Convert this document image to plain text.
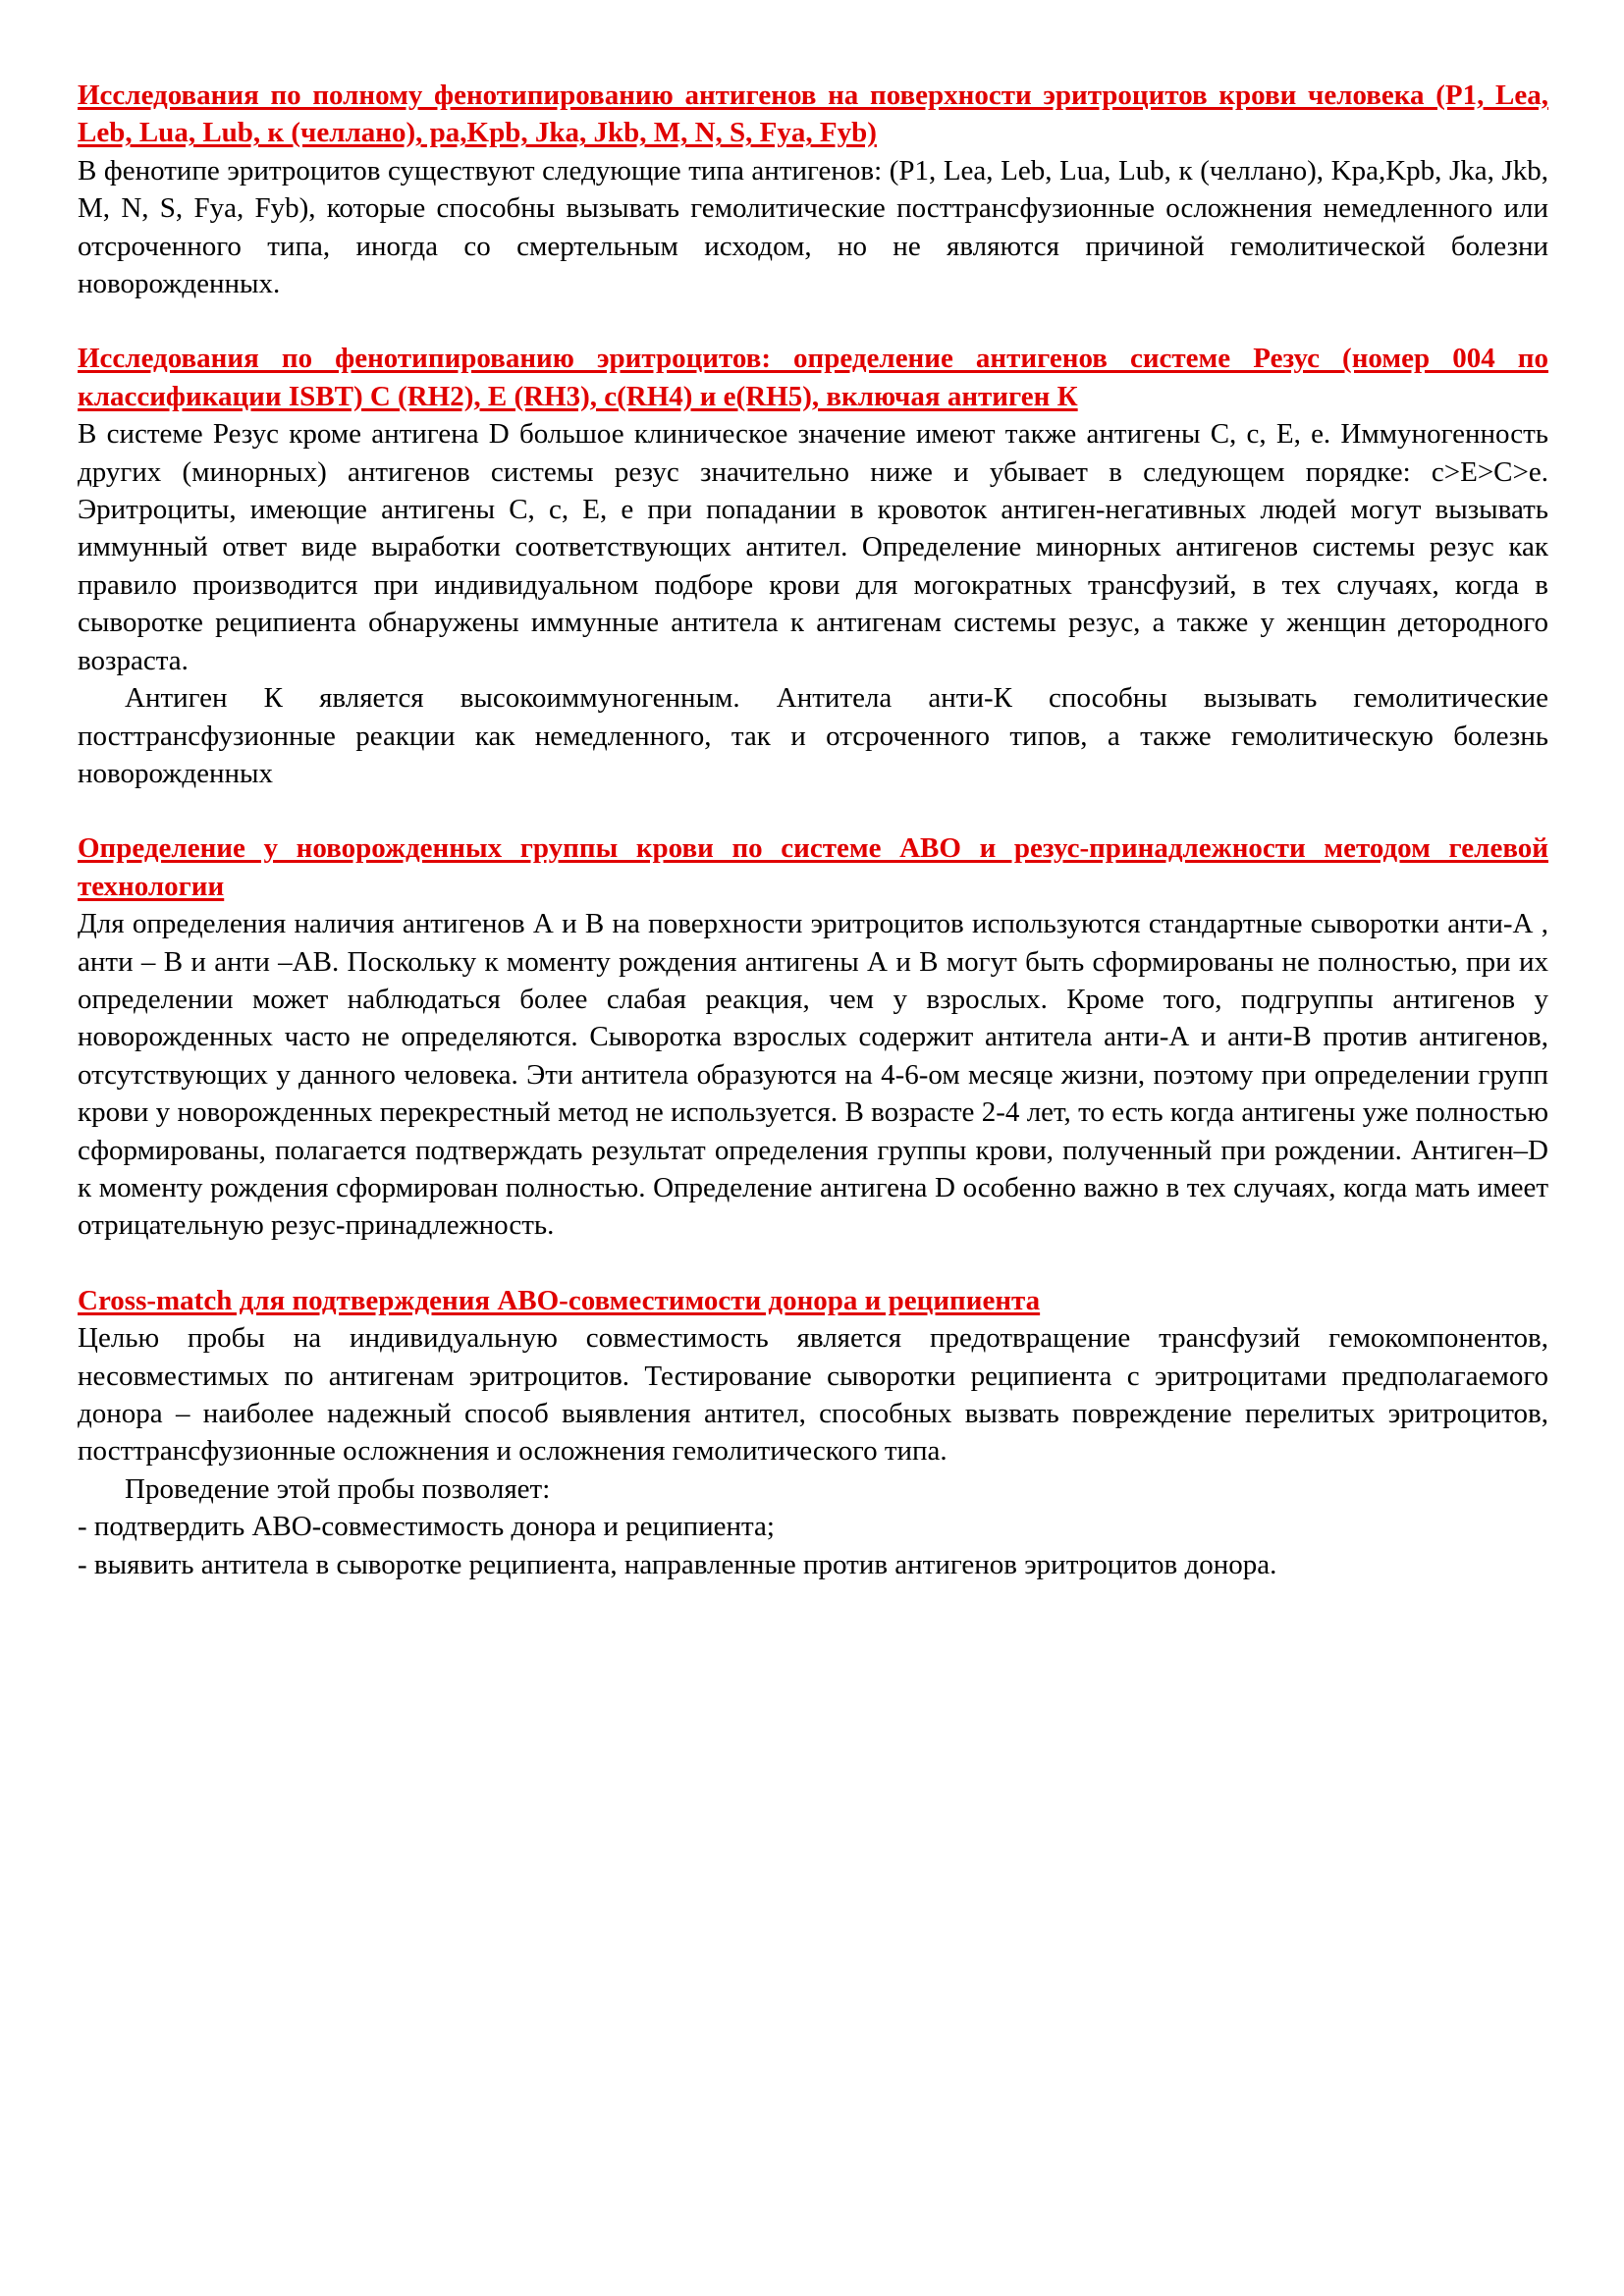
Исследования по полному фенотипированию антигенов на поверхности эритроцитов крови человека (P1, Lea, Leb, Lua, Lub, к (челлано), ра,Kpb, Jka, Jkb, M, N, S, Fya, Fyb)

В фенотипе эритроцитов существуют следующие типа антигенов: (P1, Lea, Leb, Lua, Lub, к (челлано), Kpa,Kpb, Jka, Jkb, M, N, S, Fya, Fyb), которые способны вызывать гемолитические посттрансфузионные осложнения немедленного или отсроченного типа, иногда со смертельным исходом, но не являются причиной гемолитической болезни новорожденных.

Исследования по фенотипированию эритроцитов: определение антигенов системе Резус (номер 004 по классификации ISBT) С (RH2), Е (RH3), с(RH4) и е(RH5), включая антиген К

В системе Резус кроме антигена D большое клиническое значение имеют также антигены С, с, Е, е. Иммуногенность других (минорных) антигенов системы резус значительно ниже и убывает в следующем порядке: с>Е>С>е. Эритроциты, имеющие антигены С, с, Е, е при попадании в кровоток антиген-негативных людей могут вызывать иммунный ответ виде выработки соответствующих антител. Определение минорных антигенов системы резус как правило производится при индивидуальном подборе крови для могократных трансфузий, в тех случаях, когда в сыворотке реципиента обнаружены иммунные антитела к антигенам системы резус, а также у женщин детородного возраста.

Антиген К является высокоиммуногенным. Антитела анти-К способны вызывать гемолитические посттрансфузионные реакции как немедленного, так и отсроченного типов, а также гемолитическую болезнь новорожденных

Определение у новорожденных группы крови по системе АВО и резус-принадлежности методом гелевой технологии

Для определения наличия антигенов А и В на поверхности эритроцитов используются стандартные сыворотки анти-А , анти – В и анти –АВ. Поскольку к моменту рождения антигены А и В могут быть сформированы не полностью, при их определении может наблюдаться более слабая реакция, чем у взрослых. Кроме того, подгруппы антигенов у новорожденных часто не определяются. Сыворотка взрослых содержит антитела анти-А и анти-В против антигенов, отсутствующих у данного человека. Эти антитела образуются на 4-6-ом месяце жизни, поэтому при определении групп крови у новорожденных перекрестный метод не используется. В возрасте 2-4 лет, то есть когда антигены уже полностью сформированы, полагается подтверждать результат определения группы крови, полученный при рождении. Антиген–D к моменту рождения сформирован полностью. Определение антигена D особенно важно в тех случаях, когда мать имеет отрицательную резус-принадлежность.

Cross-match для подтверждения АВО-совместимости донора и реципиента

Целью пробы на индивидуальную совместимость является предотвращение трансфузий гемокомпонентов, несовместимых по антигенам эритроцитов. Тестирование сыворотки реципиента с эритроцитами предполагаемого донора – наиболее надежный способ выявления антител, способных вызвать повреждение перелитых эритроцитов, посттрансфузионные осложнения и осложнения гемолитического типа.

Проведение этой пробы позволяет:

- подтвердить АВО-совместимость донора и реципиента;

- выявить антитела в сыворотке реципиента, направленные против антигенов эритроцитов донора.
